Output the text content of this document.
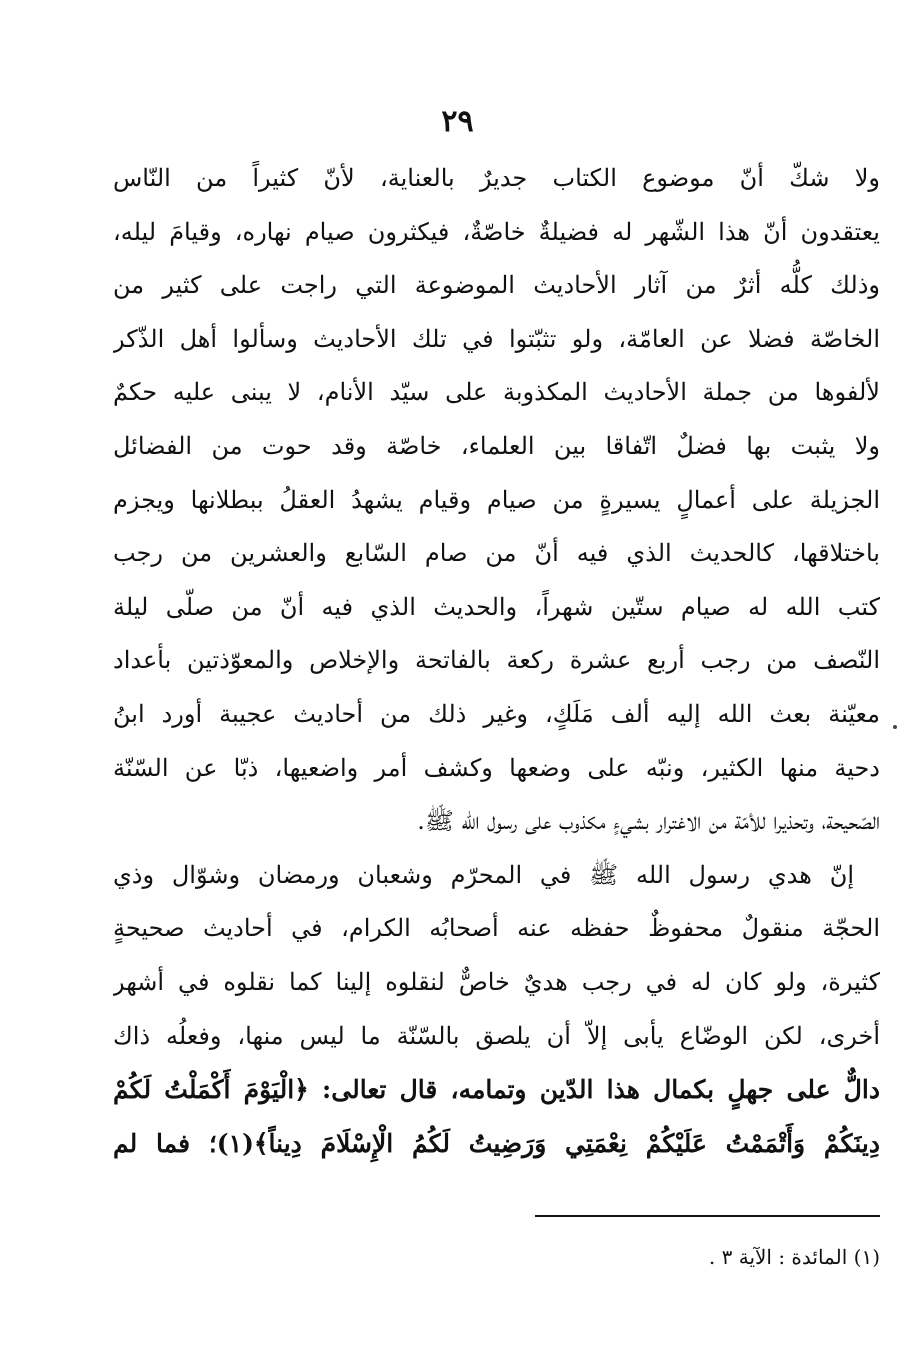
٢٩
ولا شكّ أنّ موضوع الكتاب جديرٌ بالعناية، لأنّ كثيراً من النّاس
يعتقدون أنّ هذا الشّهر له فضيلةٌ خاصّةٌ، فيكثرون صيام نهاره، وقيامَ ليله،
وذلك كلُّه أثرٌ من آثار الأحاديث الموضوعة التي راجت على كثير من
الخاصّة فضلا عن العامّة، ولو تثبّتوا في تلك الأحاديث وسألوا أهل الذّكر
لألفوها من جملة الأحاديث المكذوبة على سيّد الأنام، لا يبنى عليه حكمٌ
ولا يثبت بها فضلٌ اتّفاقا بين العلماء، خاصّة وقد حوت من الفضائل
الجزيلة على أعمالٍ يسيرةٍ من صيام وقيام يشهدُ العقلُ ببطلانها ويجزم
باختلاقها، كالحديث الذي فيه أنّ من صام السّابع والعشرين من رجب
كتب الله له صيام ستّين شهراً، والحديث الذي فيه أنّ من صلّى ليلة
النّصف من رجب أربع عشرة ركعة بالفاتحة والإخلاص والمعوّذتين بأعداد
معيّنة بعث الله إليه ألف مَلَكٍ، وغير ذلك من أحاديث عجيبة أورد ابنُ
دحية منها الكثير، ونبّه على وضعها وكشف أمر واضعيها، ذبّا عن السّنّة
الصّحيحة، وتحذيرا للأمّة من الاغترار بشيءٍ مكذوب على رسول الله ﷺ.
إنّ هدي رسول الله ﷺ في المحرّم وشعبان ورمضان وشوّال وذي
الحجّة منقولٌ محفوظٌ حفظه عنه أصحابُه الكرام، في أحاديث صحيحةٍ
كثيرة، ولو كان له في رجب هديٌ خاصٌّ لنقلوه إلينا كما نقلوه في أشهر
أخرى، لكن الوضّاع يأبى إلاّ أن يلصق بالسّنّة ما ليس منها، وفعلُه ذاك
دالٌّ على جهلٍ بكمال هذا الدّين وتمامه، قال تعالى: ﴿الْيَوْمَ أَكْمَلْتُ لَكُمْ
دِينَكُمْ وَأَتْمَمْتُ عَلَيْكُمْ نِعْمَتِي وَرَضِيتُ لَكُمُ الْإِسْلَامَ دِيناً﴾(١)؛ فما لم
(١) المائدة : الآية ٣ .
